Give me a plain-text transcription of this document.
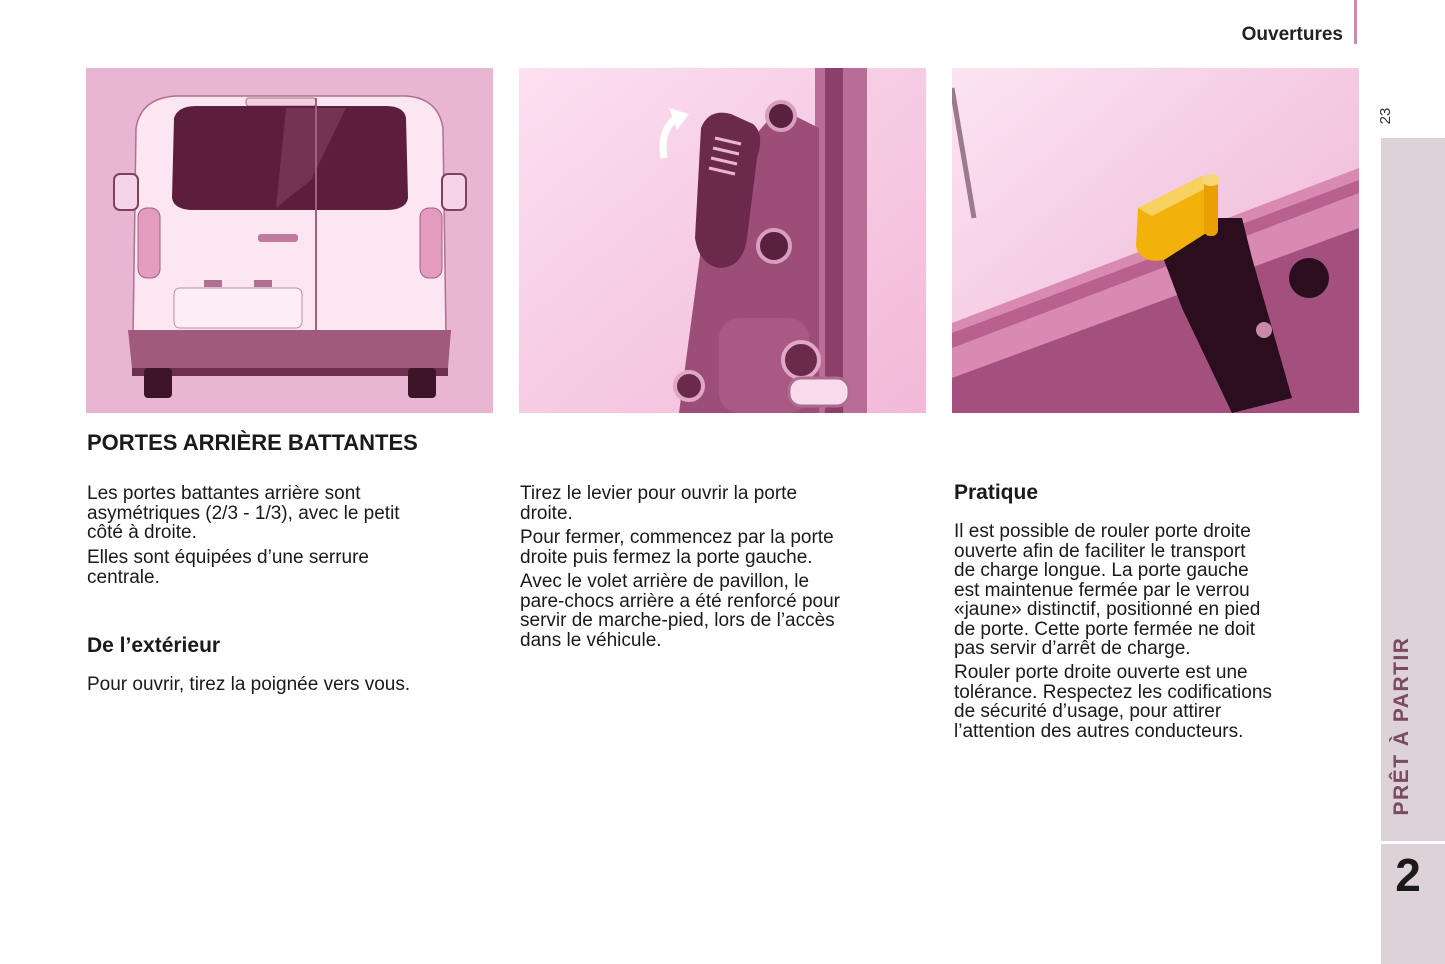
Ouvertures
23
PRÊT À PARTIR
2
PORTES ARRIÈRE BATTANTES

Les portes battantes arrière sont
asymétriques (2/3 - 1/3), avec le petit
côté à droite.

Elles sont équipées d’une serrure
centrale.

De l’extérieur

Pour ouvrir, tirez la poignée vers vous.

Tirez le levier pour ouvrir la porte
droite.

Pour fermer, commencez par la porte
droite puis fermez la porte gauche.

Avec le volet arrière de pavillon, le
pare-chocs arrière a été renforcé pour
servir de marche-pied, lors de l’accès
dans le véhicule.

Pratique

Il est possible de rouler porte droite
ouverte afin de faciliter le transport
de charge longue. La porte gauche
est maintenue fermée par le verrou
«jaune» distinctif, positionné en pied
de porte. Cette porte fermée ne doit
pas servir d’arrêt de charge.

Rouler porte droite ouverte est une
tolérance. Respectez les codifications
de sécurité d’usage, pour attirer
l’attention des autres conducteurs.
